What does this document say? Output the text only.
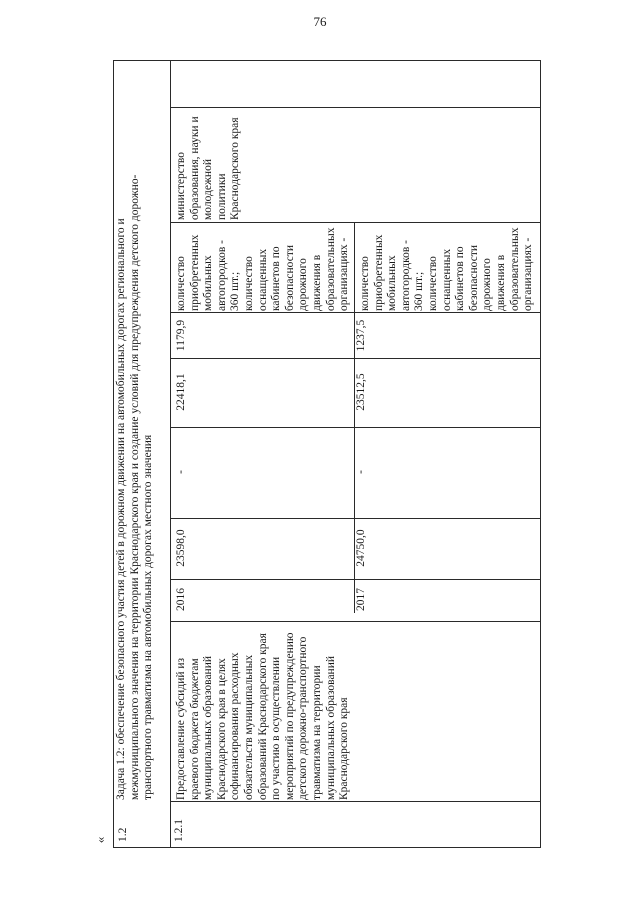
76
« 1.2
Задача 1.2: обеспечение безопасного участия детей в дорожном движении на автомобильных дорогах регионального и межмуниципального значения на территории Краснодарского края и создание условий для предупреждения детского дорожно-транспортного травматизма на автомобильных дорогах местного значения
1.2.1
Предоставление субсидий из краевого бюджета бюджетам муниципальных образований Краснодарского края в целях софинансирования расходных обязательств муниципальных образований Краснодарского края по участию в осуществлении мероприятий по предупреждению детского дорожно-транспортного травматизма на территории муниципальных образований Краснодарского края
министерство образования, науки и молодежной политики Краснодарского края
2016
23598,0
-
22418,1
1179,9
2017
24750,0
-
23512,5
1237,5
количество приобретенных мобильных автогородков - 360 шт.; количество оснащенных кабинетов по безопасности дорожного движения в образовательных организациях -
количество приобретенных мобильных автогородков - 360 шт.; количество оснащенных кабинетов по безопасности дорожного движения в образовательных организациях -
